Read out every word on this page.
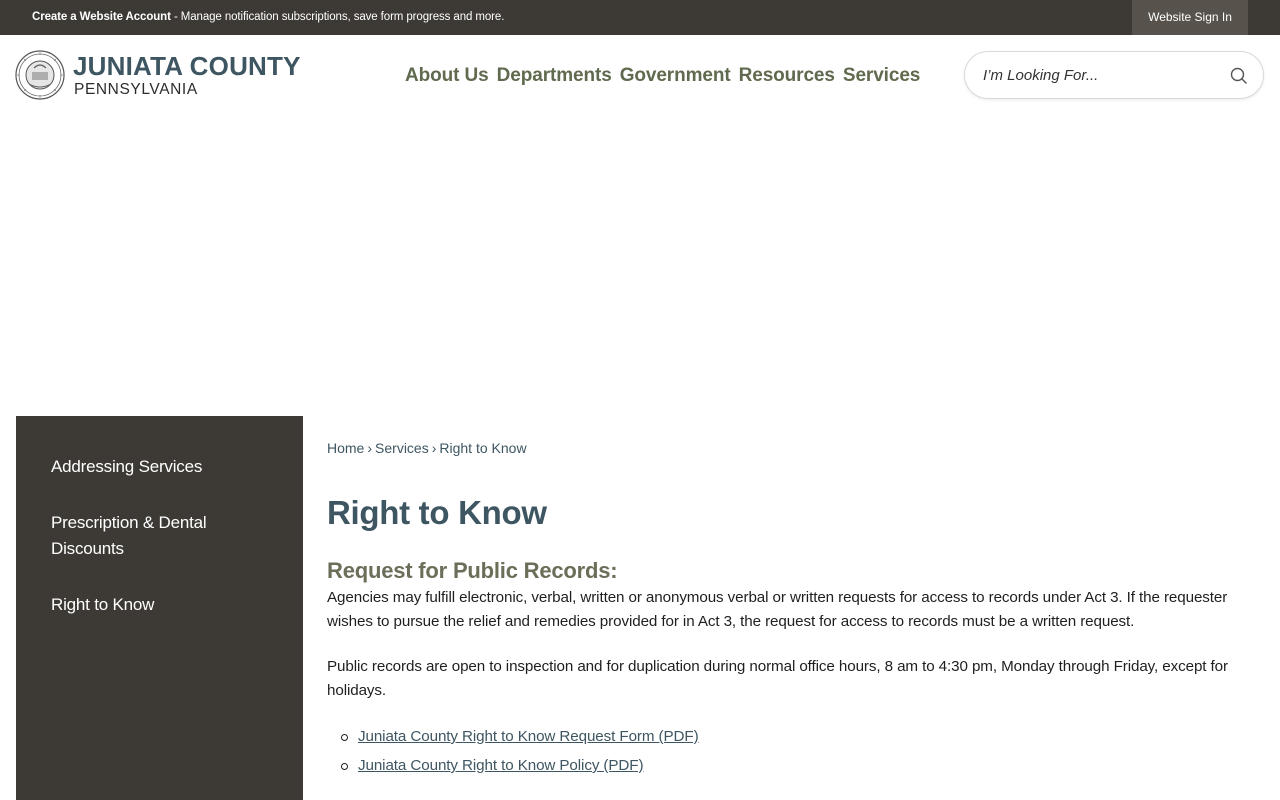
Create a Website Account - Manage notification subscriptions, save form progress and more.	Website Sign In
JUNIATA COUNTY
PENNSYLVANIA
About Us Departments Government Resources Services
I’m Looking For...
Addressing Services
Prescription & Dental Discounts
Right to Know
Home › Services › Right to Know
Right to Know
Request for Public Records:

Agencies may fulfill electronic, verbal, written or anonymous verbal or written requests for access to records under Act 3. If the requester wishes to pursue the relief and remedies provided for in Act 3, the request for access to records must be a written request.

Public records are open to inspection and for duplication during normal office hours, 8 am to 4:30 pm, Monday through Friday, except for holidays.

Juniata County Right to Know Request Form (PDF)
Juniata County Right to Know Policy (PDF)
